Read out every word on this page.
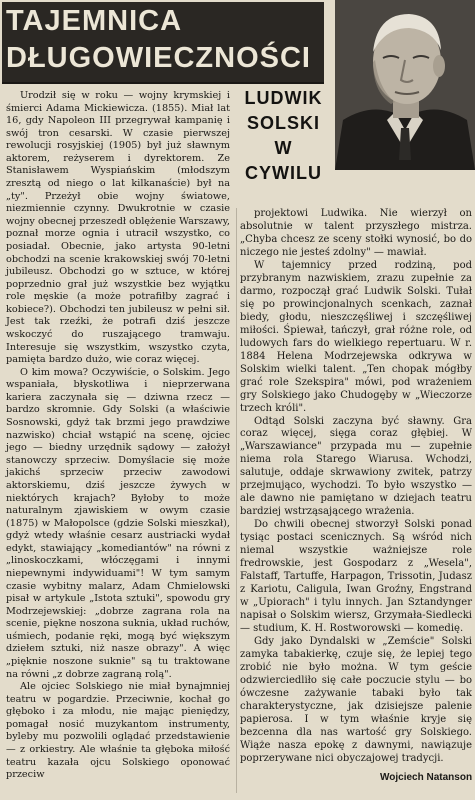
TAJEMNICA
DŁUGOWIECZNOŚCI
LUDWIK
SOLSKI
W
CYWILU

Urodził się w roku — wojny krymskiej i śmierci Adama Mickiewicza. (1855). Miał lat 16, gdy Napoleon III przegrywał kampanię i swój tron cesarski. W czasie pierwszej rewolucji rosyjskiej (1905) był już sławnym aktorem, reżyserem i dyrektorem. Ze Stanisławem Wyspiańskim (młodszym zresztą od niego o lat kilkanaście) był na „ty". Przeżył obie wojny światowe, niezmiennie czynny. Dwukrotnie w czasie wojny obecnej przeszedł oblężenie Warszawy, poznał morze ognia i utracił wszystko, co posiadał. Obecnie, jako artysta 90-letni obchodzi na scenie krakowskiej swój 70-letni jubileusz. Obchodzi go w sztuce, w której poprzednio grał już wszystkie bez wyjątku role męskie (a może potrafiłby zagrać i kobiece?). Obchodzi ten jubileusz w pełni sił. Jest tak rzeźki, że potrafi dziś jeszcze wskoczyć do ruszającego tramwaju. Interesuje się wszystkim, wszystko czyta, pamięta bardzo dużo, wie coraz więcej.

O kim mowa? Oczywiście, o Solskim. Jego wspaniała, błyskotliwa i nieprzerwana kariera zaczynała się — dziwna rzecz — bardzo skromnie. Gdy Solski (a właściwie Sosnowski, gdyż tak brzmi jego prawdziwe nazwisko) chciał wstąpić na scenę, ojciec jego — biedny urzędnik sądowy — założył stanowczy sprzeciw. Domyślacie się może jakichś sprzeciw przeciw zawodowi aktorskiemu, dziś jeszcze żywych w niektórych krajach? Byłoby to może naturalnym zjawiskiem w owym czasie (1875) w Małopolsce (gdzie Solski mieszkał), gdyż wtedy właśnie cesarz austriacki wydał edykt, stawiający „komediantów" na równi z „linoskoczkami, włóczęgami i innymi niepewnymi indywiduami"! W tym samym czasie wybitny malarz, Adam Chmielowski pisał w artykule „Istota sztuki", spowodu gry Modrzejewskiej: „dobrze zagrana rola na scenie, piękne noszona suknia, układ ruchów, uśmiech, podanie ręki, mogą być większym dziełem sztuki, niż nasze obrazy". A więc „pięknie noszone suknie" są tu traktowane na równi „z dobrze zagraną rolą".

Ale ojciec Solskiego nie miał bynajmniej teatru w pogardzie. Przeciwnie, kochał go głęboko i za młodu, nie mając pieniędzy, pomagał nosić muzykantom instrumenty, byleby mu pozwolili oglądać przedstawienie — z orkiestry. Ale właśnie ta głęboka miłość teatru kazała ojcu Solskiego oponować przeciw

projektowi Ludwika. Nie wierzył on absolutnie w talent przyszłego mistrza. „Chyba chcesz ze sceny stołki wynosić, bo do niczego nie jesteś zdolny" — mawiał.

W tajemnicy przed rodziną, pod przybranym nazwiskiem, zrazu zupełnie za darmo, rozpoczął grać Ludwik Solski. Tułał się po prowincjonalnych scenkach, zaznał biedy, głodu, nieszczęśliwej i szczęśliwej miłości. Śpiewał, tańczył, grał różne role, od ludowych fars do wielkiego repertuaru. W r. 1884 Helena Modrzejewska odkrywa w Solskim wielki talent. „Ten chopak mógłby grać role Szekspira" mówi, pod wrażeniem gry Solskiego jako Chudogęby w „Wieczorze trzech króli".

Odtąd Solski zaczyna być sławny. Gra coraz więcej, sięga coraz głębiej. W „Warszawiance" przypada mu — zupełnie niema rola Starego Wiarusa. Wchodzi, salutuje, oddaje skrwawiony zwitek, patrzy przejmująco, wychodzi. To było wszystko — ale dawno nie pamiętano w dziejach teatru bardziej wstrząsającego wrażenia.

Do chwili obecnej stworzył Solski ponad tysiąc postaci scenicznych. Są wśród nich niemal wszystkie ważniejsze role fredrowskie, jest Gospodarz z „Wesela", Falstaff, Tartuffe, Harpagon, Trissotin, Judasz z Kariotu, Caligula, Iwan Groźny, Engstrand w „Upiorach" i tylu innych. Jan Sztandynger napisał o Solskim wiersz, Grzymała-Siedlecki — studium, K. H. Rostworowski — komedię.

Gdy jako Dyndalski w „Zemście" Solski zamyka tabakierkę, czuje się, że lepiej tego zrobić nie było można. W tym geście odzwierciedliło się całe poczucie stylu — bo ówczesne zażywanie tabaki było tak charakterystyczne, jak dzisiejsze palenie papierosa. I w tym właśnie kryje się bezcenna dla nas wartość gry Solskiego. Wiąże nasza epokę z dawnymi, nawiązuje poprzerywane nici obyczajowej tradycji.

Wojciech Natanson
